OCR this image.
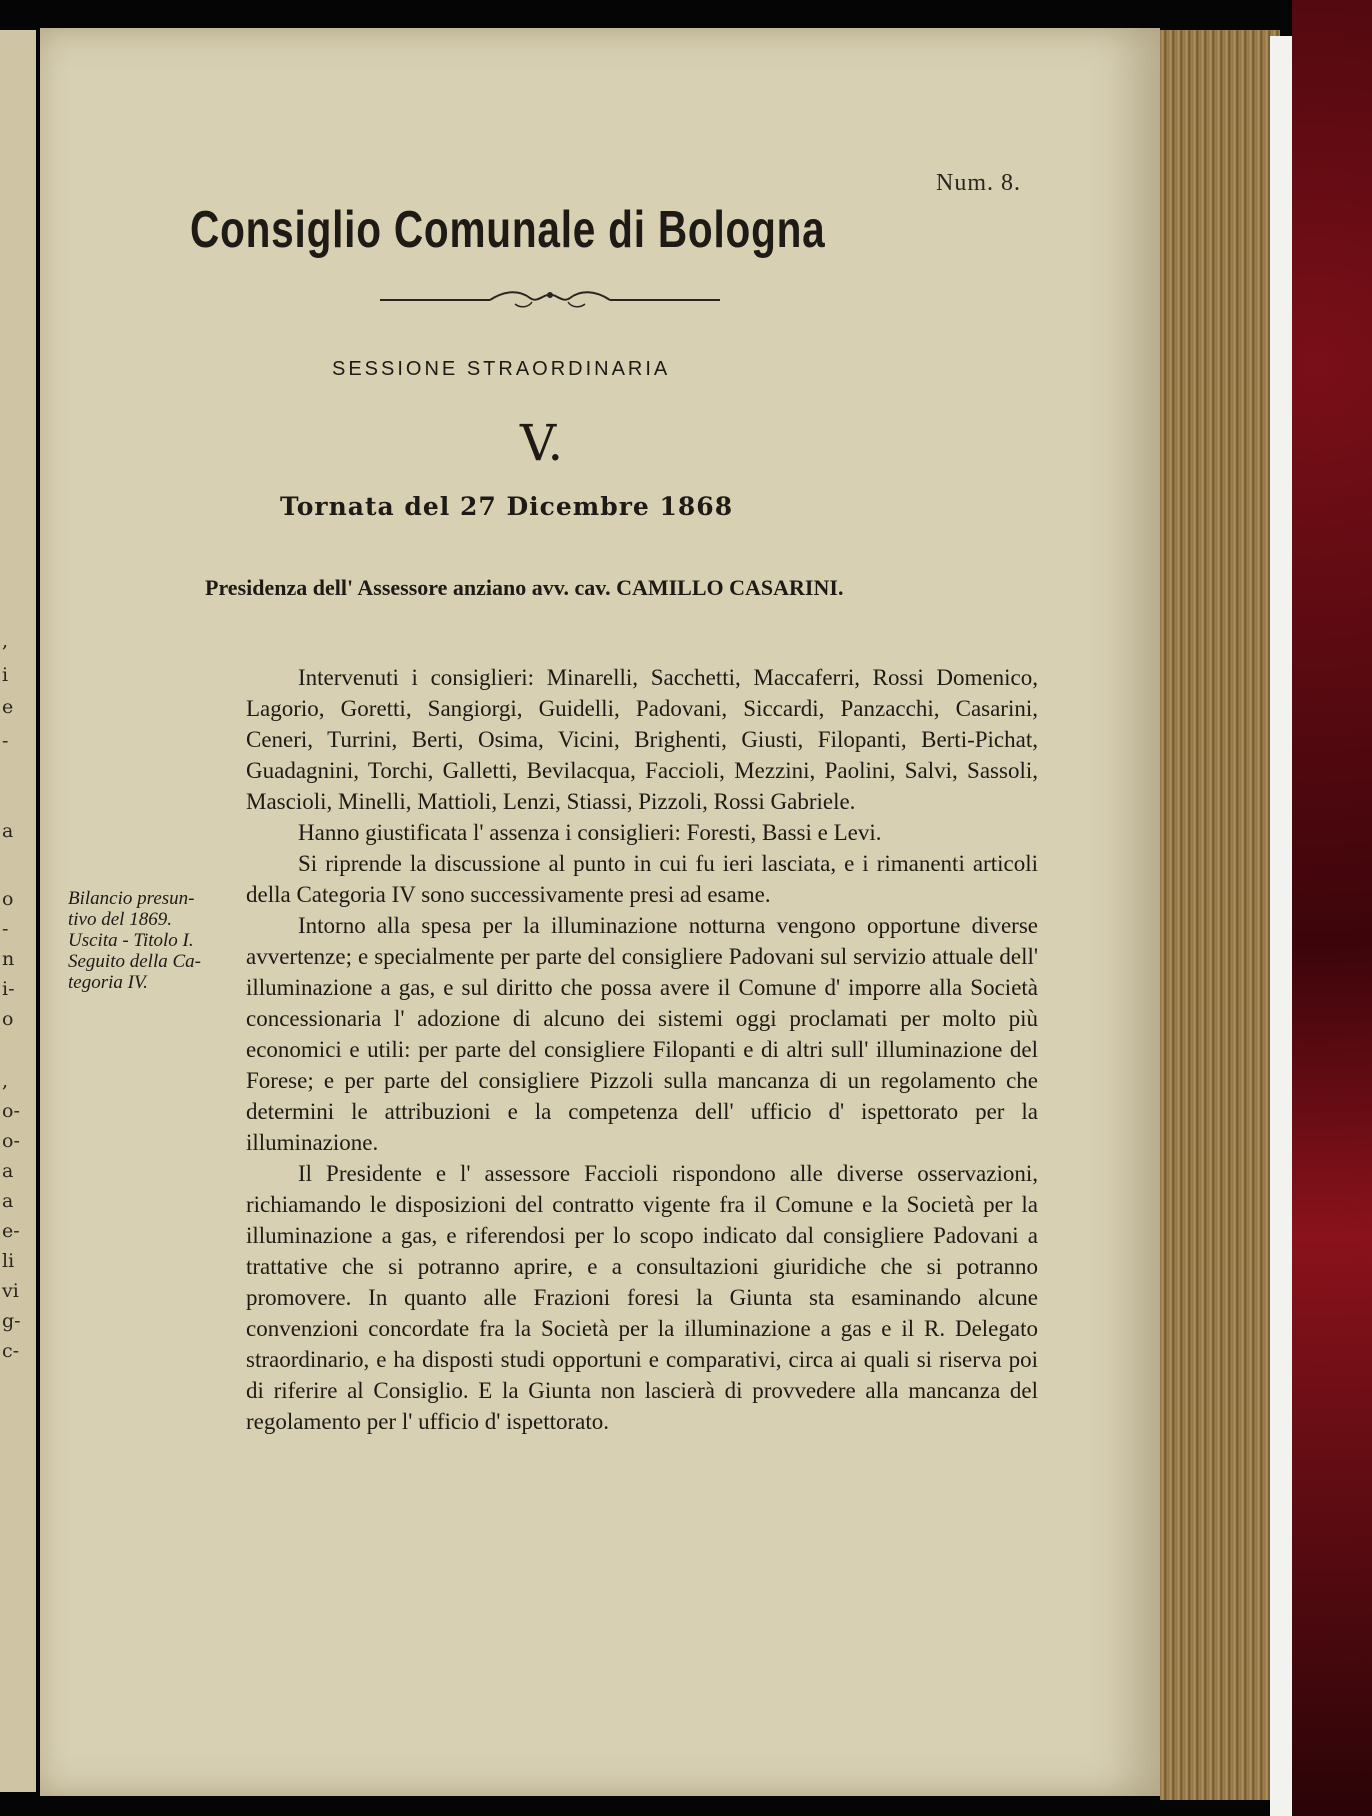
,
i
e
-
a
o
-
n
i-
o
,
o-
o-
a
a
e-
li
vi
g-
c-
Num. 8.
Consiglio Comunale di Bologna
SESSIONE STRAORDINARIA
V.
Tornata del 27 Dicembre 1868
Presidenza dell' Assessore anziano avv. cav. CAMILLO CASARINI.
Bilancio presun-
tivo del 1869.
Uscita - Titolo I.
Seguito della Ca-
tegoria IV.

Intervenuti i consiglieri: Minarelli, Sacchetti, Maccaferri, Rossi Domenico, Lagorio, Goretti, Sangiorgi, Guidelli, Padovani, Siccardi, Panzacchi, Casarini, Ceneri, Turrini, Berti, Osima, Vicini, Brighenti, Giusti, Filopanti, Berti-Pichat, Guadagnini, Torchi, Galletti, Bevilacqua, Faccioli, Mezzini, Paolini, Salvi, Sassoli, Mascioli, Minelli, Mattioli, Lenzi, Stiassi, Pizzoli, Rossi Gabriele.

Hanno giustificata l' assenza i consiglieri: Foresti, Bassi e Levi.

Si riprende la discussione al punto in cui fu ieri lasciata, e i rimanenti articoli della Categoria IV sono successivamente presi ad esame.

Intorno alla spesa per la illuminazione notturna vengono opportune diverse avvertenze; e specialmente per parte del consigliere Padovani sul servizio attuale dell' illuminazione a gas, e sul diritto che possa avere il Comune d' imporre alla Società concessionaria l' adozione di alcuno dei sistemi oggi proclamati per molto più economici e utili: per parte del consigliere Filopanti e di altri sull' illuminazione del Forese; e per parte del consigliere Pizzoli sulla mancanza di un regolamento che determini le attribuzioni e la competenza dell' ufficio d' ispettorato per la illuminazione.

Il Presidente e l' assessore Faccioli rispondono alle diverse osservazioni, richiamando le disposizioni del contratto vigente fra il Comune e la Società per la illuminazione a gas, e riferendosi per lo scopo indicato dal consigliere Padovani a trattative che si potranno aprire, e a consultazioni giuridiche che si potranno promovere. In quanto alle Frazioni foresi la Giunta sta esaminando alcune convenzioni concordate fra la Società per la illuminazione a gas e il R. Delegato straordinario, e ha disposti studi opportuni e comparativi, circa ai quali si riserva poi di riferire al Consiglio. E la Giunta non lascierà di provvedere alla mancanza del regolamento per l' ufficio d' ispettorato.
